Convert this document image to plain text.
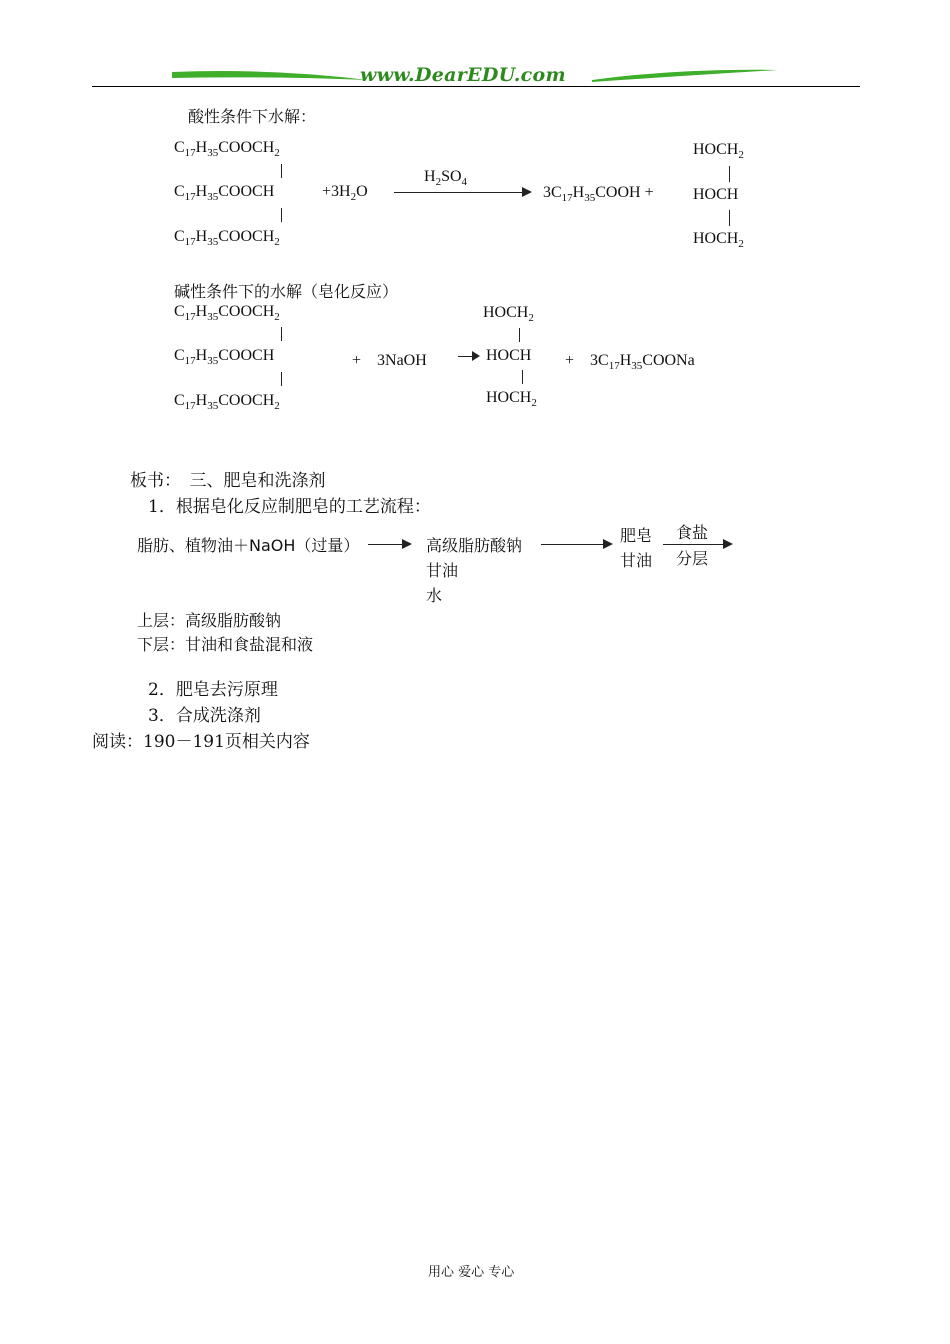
www.DearEDU.com
酸性条件下水解：
$C_{17}H_{35}COOCH_2$
$C_{17}H_{35}COOCH$
$C_{17}H_{35}COOCH_2$
$+3H_2O$
$H_2SO_4$
$3C_{17}H_{35}COOH$ +
$HOCH_2$
HOCH
$HOCH_2$
碱性条件下的水解（皂化反应）
$C_{17}H_{35}COOCH_2$
$C_{17}H_{35}COOCH$
$C_{17}H_{35}COOCH_2$
+　3NaOH
$HOCH_2$
HOCH
$HOCH_2$
+　$3C_{17}H_{35}COONa$
板书：　三、肥皂和洗涤剂
1．根据皂化反应制肥皂的工艺流程：
脂肪、植物油＋NaOH（过量）	高级脂肪酸钠
甘油
水
肥皂
甘油
食盐
分层
上层：高级脂肪酸钠
下层：甘油和食盐混和液
2．肥皂去污原理
3．合成洗涤剂
阅读：190－191页相关内容
用心 爱心 专心
